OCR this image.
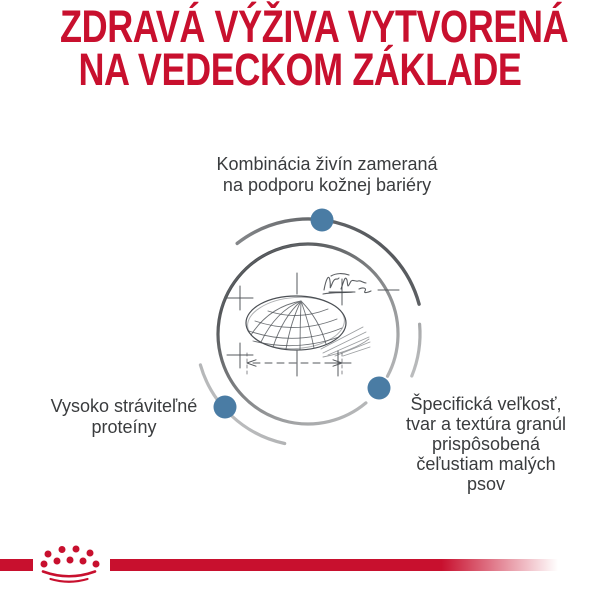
ZDRAVÁ VÝŽIVA VYTVORENÁ
NA VEDECKOM ZÁKLADE
Kombinácia živín zameraná
na podporu kožnej bariéry
Vysoko stráviteľné
proteíny
Špecifická veľkosť,
tvar a textúra granúl
prispôsobená
čeľustiam malých
psov
